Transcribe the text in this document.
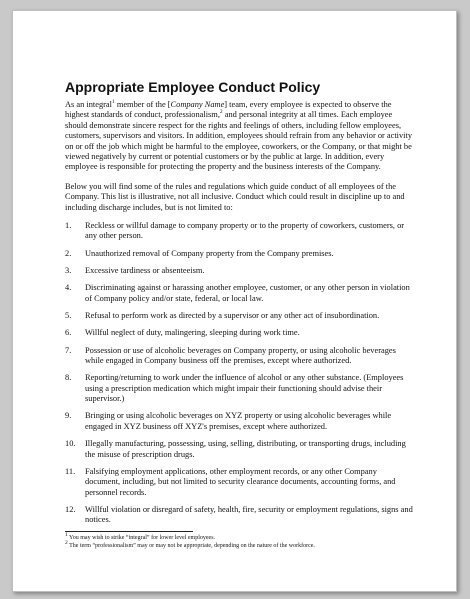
Appropriate Employee Conduct Policy

As an integral$^1$ member of the [Company Name] team, every employee is expected to observe the highest standards of conduct, professionalism,$^2$ and personal integrity at all times. Each employee should demonstrate sincere respect for the rights and feelings of others, including fellow employees, customers, supervisors and visitors. In addition, employees should refrain from any behavior or activity on or off the job which might be harmful to the employee, coworkers, or the Company, or that might be viewed negatively by current or potential customers or by the public at large. In addition, every employee is responsible for protecting the property and the business interests of the Company.

Below you will find some of the rules and regulations which guide conduct of all employees of the Company. This list is illustrative, not all inclusive. Conduct which could result in discipline up to and including discharge includes, but is not limited to:

1.	Reckless or willful damage to company property or to the property of coworkers, customers, or any other person.
2.	Unauthorized removal of Company property from the Company premises.
3.	Excessive tardiness or absenteeism.
4.	Discriminating against or harassing another employee, customer, or any other person in violation of Company policy and/or state, federal, or local law.
5.	Refusal to perform work as directed by a supervisor or any other act of insubordination.
6.	Willful neglect of duty, malingering, sleeping during work time.
7.	Possession or use of alcoholic beverages on Company property, or using alcoholic beverages while engaged in Company business off the premises, except where authorized.
8.	Reporting/returning to work under the influence of alcohol or any other substance. (Employees using a prescription medication which might impair their functioning should advise their supervisor.)
9.	Bringing or using alcoholic beverages on XYZ property or using alcoholic beverages while engaged in XYZ business off XYZ's premises, except where authorized.
10.	Illegally manufacturing, possessing, using, selling, distributing, or transporting drugs, including the misuse of prescription drugs.
11.	Falsifying employment applications, other employment records, or any other Company document, including, but not limited to security clearance documents, accounting forms, and personnel records.
12.	Willful violation or disregard of safety, health, fire, security or employment regulations, signs and notices.
$^1$ You may wish to strike “integral” for lower level employees.
$^2$ The term “professionalism” may or may not be appropriate, depending on the nature of the workforce.
